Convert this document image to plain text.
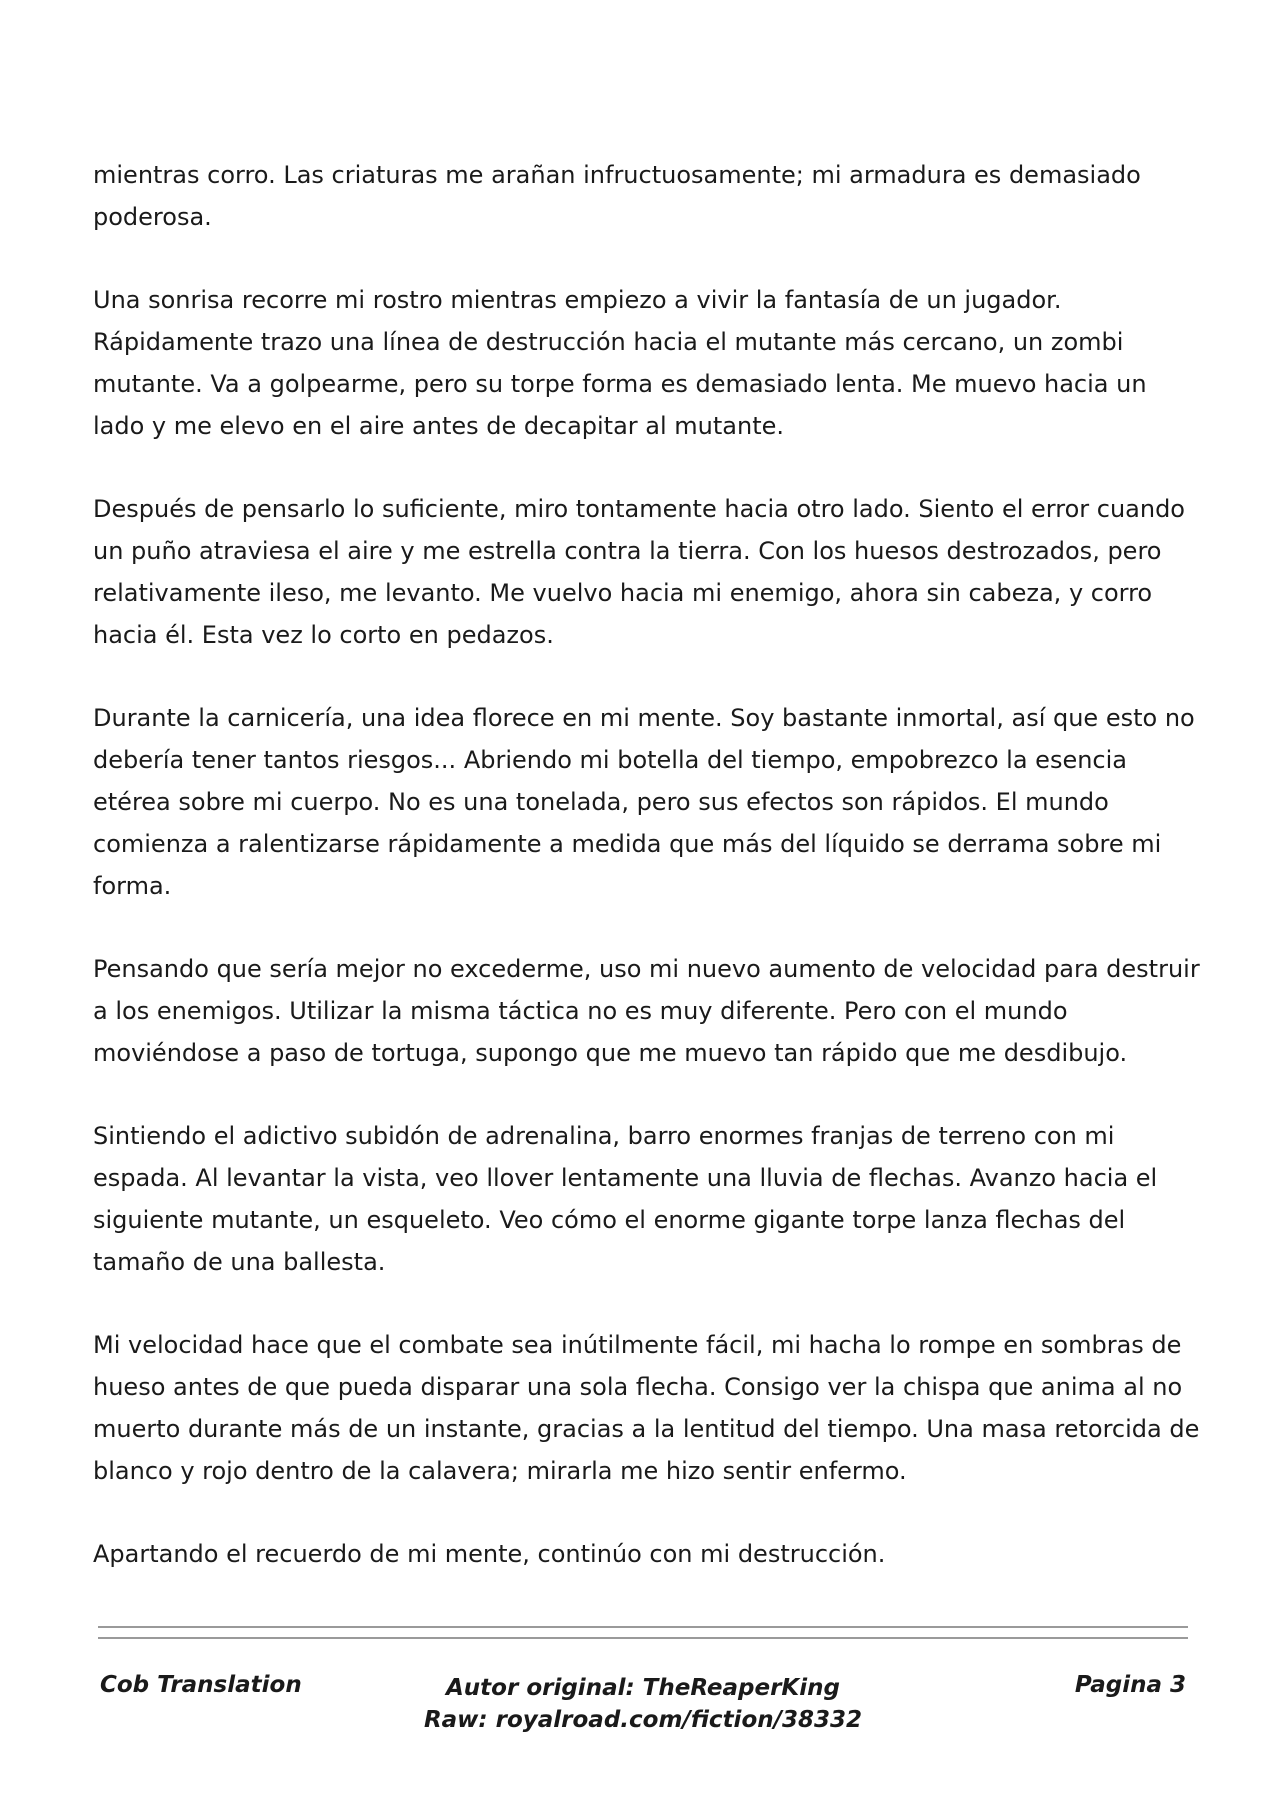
mientras corro. Las criaturas me arañan infructuosamente; mi armadura es demasiado poderosa.

Una sonrisa recorre mi rostro mientras empiezo a vivir la fantasía de un jugador. Rápidamente trazo una línea de destrucción hacia el mutante más cercano, un zombi mutante. Va a golpearme, pero su torpe forma es demasiado lenta. Me muevo hacia un lado y me elevo en el aire antes de decapitar al mutante.

Después de pensarlo lo suficiente, miro tontamente hacia otro lado. Siento el error cuando un puño atraviesa el aire y me estrella contra la tierra. Con los huesos destrozados, pero relativamente ileso, me levanto. Me vuelvo hacia mi enemigo, ahora sin cabeza, y corro hacia él. Esta vez lo corto en pedazos.

Durante la carnicería, una idea florece en mi mente. Soy bastante inmortal, así que esto no debería tener tantos riesgos... Abriendo mi botella del tiempo, empobrezco la esencia etérea sobre mi cuerpo. No es una tonelada, pero sus efectos son rápidos. El mundo comienza a ralentizarse rápidamente a medida que más del líquido se derrama sobre mi forma.

Pensando que sería mejor no excederme, uso mi nuevo aumento de velocidad para destruir a los enemigos. Utilizar la misma táctica no es muy diferente. Pero con el mundo moviéndose a paso de tortuga, supongo que me muevo tan rápido que me desdibujo.

Sintiendo el adictivo subidón de adrenalina, barro enormes franjas de terreno con mi espada. Al levantar la vista, veo llover lentamente una lluvia de flechas. Avanzo hacia el siguiente mutante, un esqueleto. Veo cómo el enorme gigante torpe lanza flechas del tamaño de una ballesta.

Mi velocidad hace que el combate sea inútilmente fácil, mi hacha lo rompe en sombras de hueso antes de que pueda disparar una sola flecha. Consigo ver la chispa que anima al no muerto durante más de un instante, gracias a la lentitud del tiempo. Una masa retorcida de blanco y rojo dentro de la calavera; mirarla me hizo sentir enfermo.

Apartando el recuerdo de mi mente, continúo con mi destrucción.

Cob Translation	Autor original: TheReaperKing
Raw: royalroad.com/fiction/38332
Pagina 3
